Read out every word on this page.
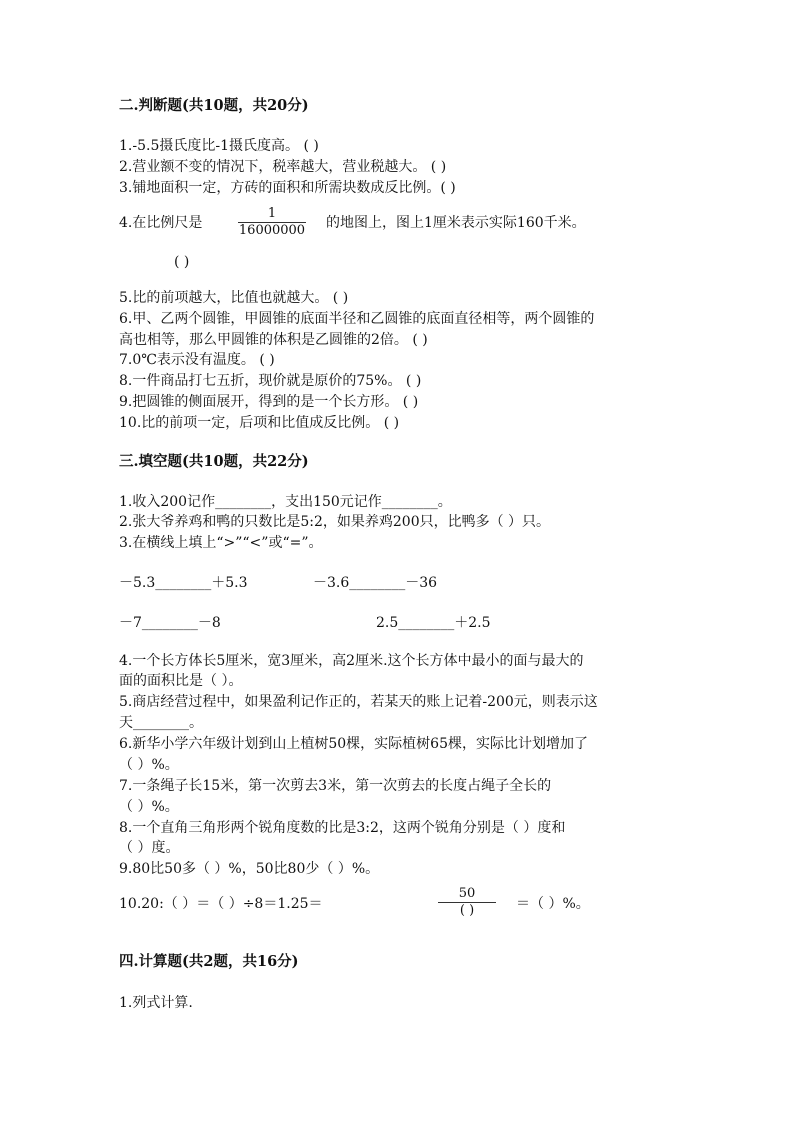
二.判断题(共10题，共20分)
1.-5.5摄氏度比-1摄氏度高。 ( )
2.营业额不变的情况下，税率越大，营业税越大。 ( )
3.铺地面积一定，方砖的面积和所需块数成反比例。( )
4.在比例尺是
1
16000000 的地图上，图上1厘米表示实际160千米。
( )
5.比的前项越大，比值也就越大。 ( )
6.甲、乙两个圆锥，甲圆锥的底面半径和乙圆锥的底面直径相等，两个圆锥的
高也相等，那么甲圆锥的体积是乙圆锥的2倍。 ( )
7.0℃表示没有温度。 ( )
8.一件商品打七五折，现价就是原价的75%。 ( )
9.把圆锥的侧面展开，得到的是一个长方形。 ( )
10.比的前项一定，后项和比值成反比例。 ( )
三.填空题(共10题，共22分)
1.收入200记作________，支出150元记作________。
2.张大爷养鸡和鸭的只数比是5:2，如果养鸡200只，比鸭多（ ）只。
3.在横线上填上“>”“<”或“=”。
－5.3________＋5.3	－3.6________－36
－7________－8	2.5________＋2.5
4.一个长方体长5厘米，宽3厘米，高2厘米.这个长方体中最小的面与最大的
面的面积比是（ ）。
5.商店经营过程中，如果盈利记作正的，若某天的账上记着-200元，则表示这
天________。
6.新华小学六年级计划到山上植树50棵，实际植树65棵，实际比计划增加了
（ ）%。
7.一条绳子长15米，第一次剪去3米，第一次剪去的长度占绳子全长的
（ ）%。
8.一个直角三角形两个锐角度数的比是3:2，这两个锐角分别是（ ）度和
（ ）度。
9.80比50多（ ）%，50比80少（ ）%。
10.20:（ ）＝（ ）÷8＝1.25＝
50
( )	＝（ ）%。
四.计算题(共2题，共16分)
1.列式计算.
